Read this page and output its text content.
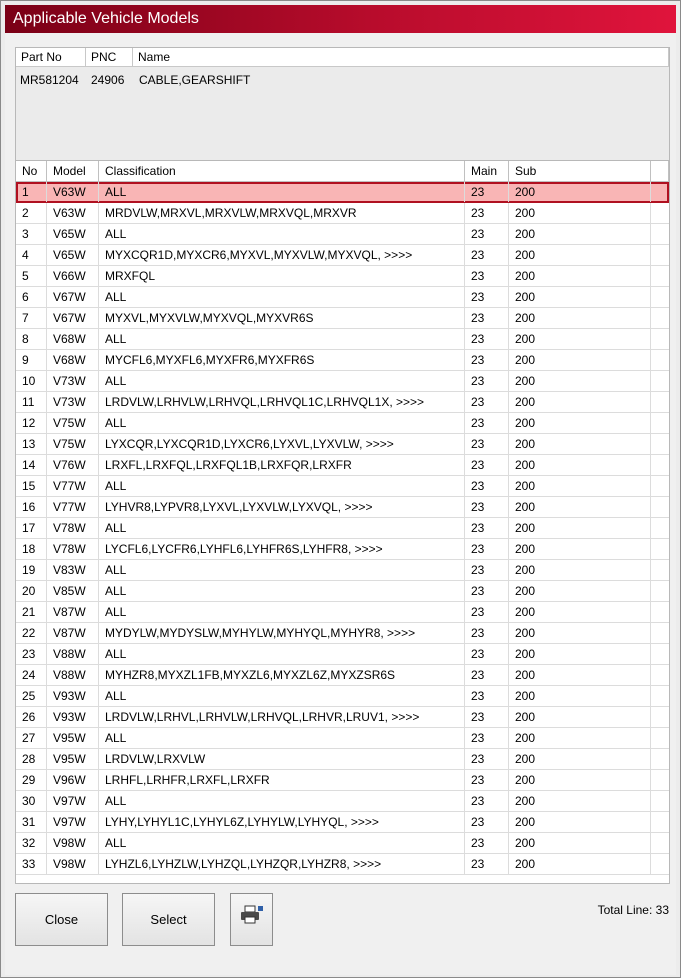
Applicable Vehicle Models
Part No	PNC	Name
MR581204 24906 CABLE,GEARSHIFT
No	Model	Classification	Main	Sub
1	V63W	ALL	23	200
2	V63W	MRDVLW,MRXVL,MRXVLW,MRXVQL,MRXVR	23	200
3	V65W	ALL	23	200
4	V65W	MYXCQR1D,MYXCR6,MYXVL,MYXVLW,MYXVQL, >>>>	23	200
5	V66W	MRXFQL	23	200
6	V67W	ALL	23	200
7	V67W	MYXVL,MYXVLW,MYXVQL,MYXVR6S	23	200
8	V68W	ALL	23	200
9	V68W	MYCFL6,MYXFL6,MYXFR6,MYXFR6S	23	200
10	V73W	ALL	23	200
11	V73W	LRDVLW,LRHVLW,LRHVQL,LRHVQL1C,LRHVQL1X, >>>>	23	200
12	V75W	ALL	23	200
13	V75W	LYXCQR,LYXCQR1D,LYXCR6,LYXVL,LYXVLW, >>>>	23	200
14	V76W	LRXFL,LRXFQL,LRXFQL1B,LRXFQR,LRXFR	23	200
15	V77W	ALL	23	200
16	V77W	LYHVR8,LYPVR8,LYXVL,LYXVLW,LYXVQL, >>>>	23	200
17	V78W	ALL	23	200
18	V78W	LYCFL6,LYCFR6,LYHFL6,LYHFR6S,LYHFR8, >>>>	23	200
19	V83W	ALL	23	200
20	V85W	ALL	23	200
21	V87W	ALL	23	200
22	V87W	MYDYLW,MYDYSLW,MYHYLW,MYHYQL,MYHYR8, >>>>	23	200
23	V88W	ALL	23	200
24	V88W	MYHZR8,MYXZL1FB,MYXZL6,MYXZL6Z,MYXZSR6S	23	200
25	V93W	ALL	23	200
26	V93W	LRDVLW,LRHVL,LRHVLW,LRHVQL,LRHVR,LRUV1, >>>>	23	200
27	V95W	ALL	23	200
28	V95W	LRDVLW,LRXVLW	23	200
29	V96W	LRHFL,LRHFR,LRXFL,LRXFR	23	200
30	V97W	ALL	23	200
31	V97W	LYHY,LYHYL1C,LYHYL6Z,LYHYLW,LYHYQL, >>>>	23	200
32	V98W	ALL	23	200
33	V98W	LYHZL6,LYHZLW,LYHZQL,LYHZQR,LYHZR8, >>>>	23	200
Close	Select
Total Line: 33
